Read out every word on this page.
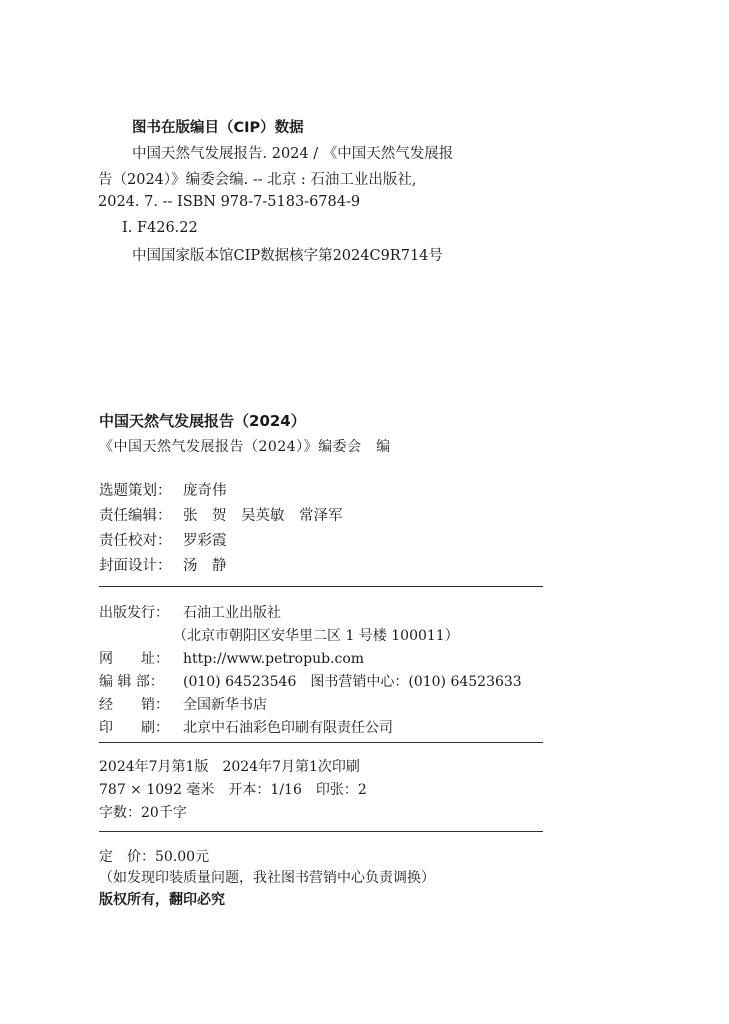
图书在版编目（CIP）数据
中国天然气发展报告. 2024 / 《中国天然气发展报
告（2024）》编委会编. -- 北京 : 石油工业出版社,
2024. 7. -- ISBN 978-7-5183-6784-9
Ⅰ. F426.22
中国国家版本馆CIP数据核字第2024C9R714号
中国天然气发展报告（2024）
《中国天然气发展报告（2024）》编委会　编
选题策划： 庞奇伟
责任编辑： 张　贺　吴英敏　常泽军
责任校对： 罗彩霞
封面设计： 汤　静
出版发行： 石油工业出版社
（北京市朝阳区安华里二区 1 号楼 100011）
网　　址： http://www.petropub.com
编 辑 部： (010) 64523546　图书营销中心：(010) 64523633
经　　销： 全国新华书店
印　　刷： 北京中石油彩色印刷有限责任公司
2024年7月第1版　2024年7月第1次印刷
787 × 1092 毫米　开本：1/16　印张：2
字数：20千字
定　价：50.00元
（如发现印装质量问题，我社图书营销中心负责调换）
版权所有，翻印必究
